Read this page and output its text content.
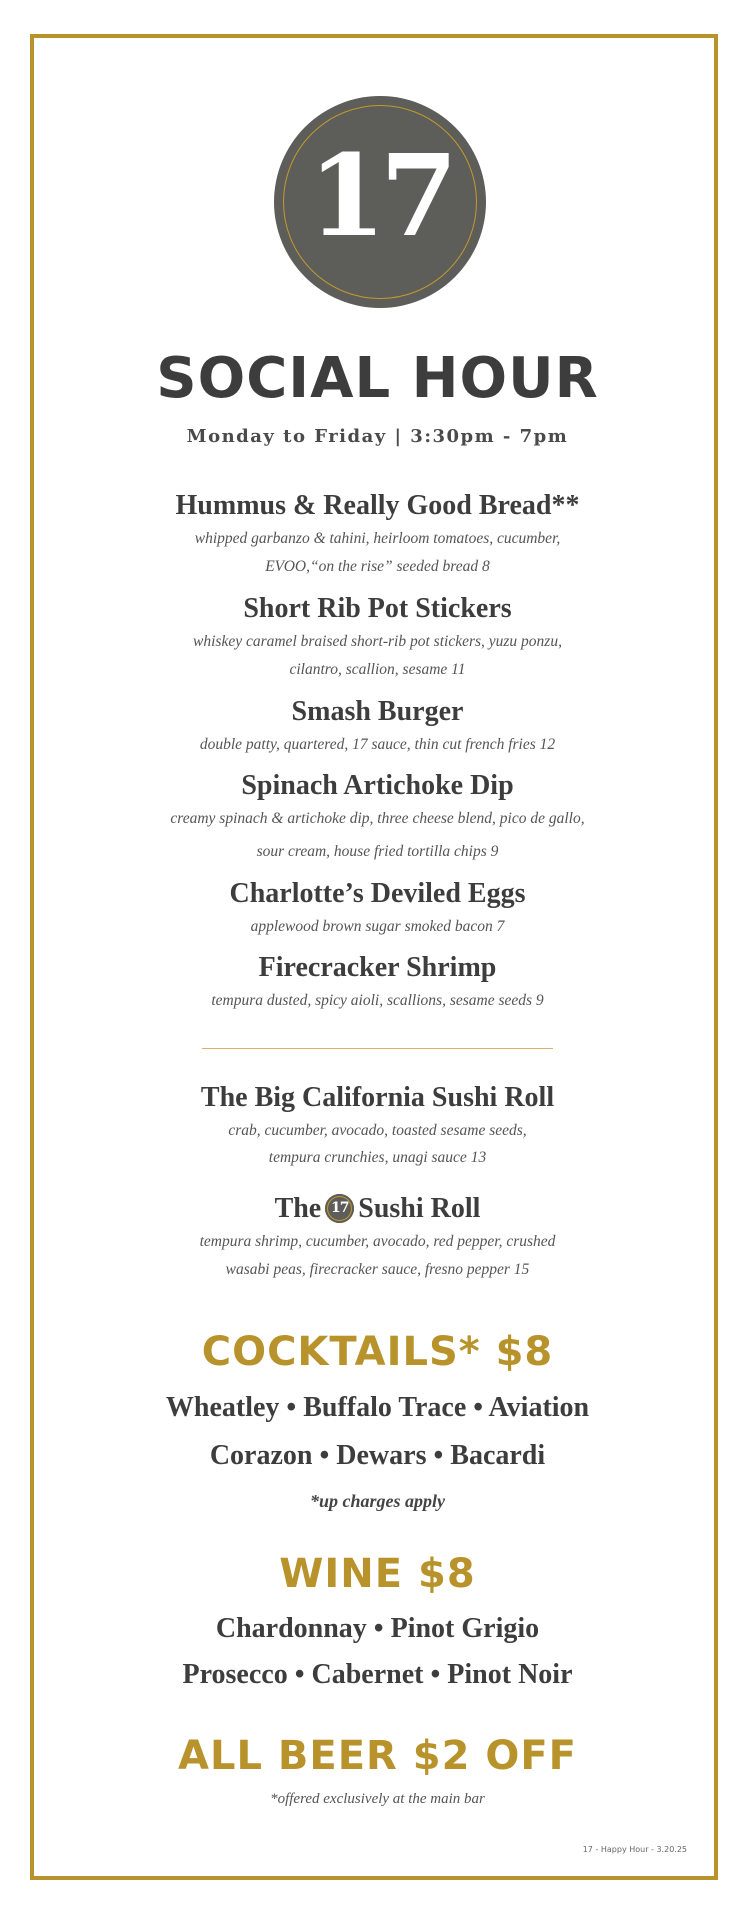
17
SOCIAL HOUR
Monday to Friday | 3:30pm - 7pm
Hummus & Really Good Bread**
whipped garbanzo & tahini, heirloom tomatoes, cucumber,
EVOO,“on the rise” seeded bread 8
Short Rib Pot Stickers
whiskey caramel braised short-rib pot stickers, yuzu ponzu,
cilantro, scallion, sesame 11
Smash Burger
double patty, quartered, 17 sauce, thin cut french fries 12
Spinach Artichoke Dip
creamy spinach & artichoke dip, three cheese blend, pico de gallo,
sour cream, house fried tortilla chips 9
Charlotte’s Deviled Eggs
applewood brown sugar smoked bacon 7
Firecracker Shrimp
tempura dusted, spicy aioli, scallions, sesame seeds 9
The Big California Sushi Roll
crab, cucumber, avocado, toasted sesame seeds,
tempura crunchies, unagi sauce 13
The 17 Sushi Roll
tempura shrimp, cucumber, avocado, red pepper, crushed
wasabi peas, firecracker sauce, fresno pepper 15
COCKTAILS* $8
Wheatley • Buffalo Trace • Aviation
Corazon • Dewars • Bacardi
*up charges apply
WINE $8
Chardonnay • Pinot Grigio
Prosecco • Cabernet • Pinot Noir
ALL BEER $2 OFF
*offered exclusively at the main bar
17 - Happy Hour - 3.20.25
